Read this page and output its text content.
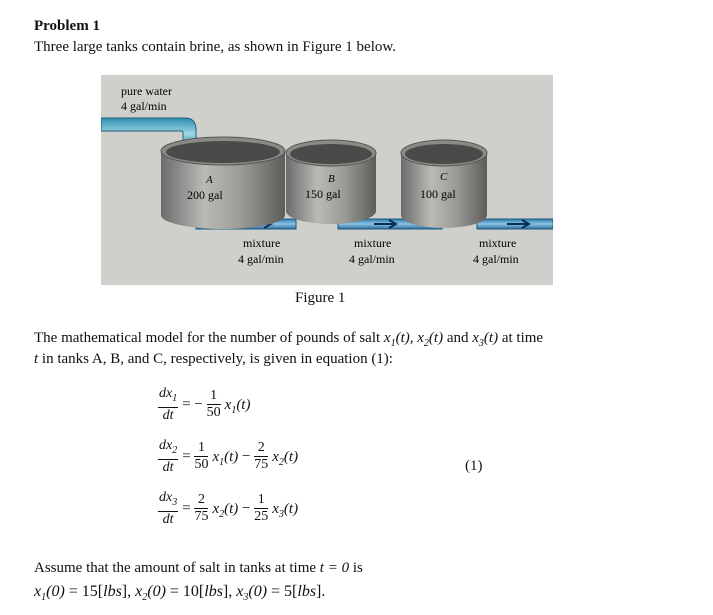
Problem 1
Three large tanks contain brine, as shown in Figure 1 below.
pure water
4 gal/min
A
200 gal
B
150 gal
C
100 gal
mixture
4 gal/min
mixture
4 gal/min
mixture
4 gal/min
Figure 1
The mathematical model for the number of pounds of salt $x_1(t)$, $x_2(t)$ and $x_3(t)$ at time
t in tanks A, B, and C, respectively, is given in equation (1):
$\frac{dx_1}{dt}$ = − $\frac{1}{50} x_1(t)$
$\frac{dx_2}{dt} = \frac{1}{50} x_1(t) - \frac{2}{75} x_2(t)$
$\frac{dx_3}{dt} = \frac{2}{75} x_2(t) - \frac{1}{25} x_3(t)$
(1)
Assume that the amount of salt in tanks at time t = 0 is
$x_1(0) = 15[lbs]$, $x_2(0) = 10[lbs]$, $x_3(0) = 5[lbs]$.
